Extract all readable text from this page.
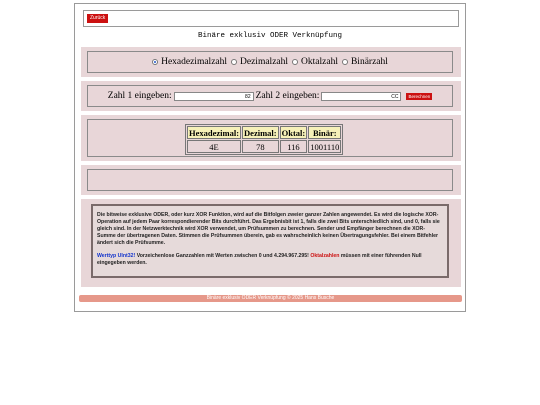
Zurück
Binäre exklusiv ODER Verknüpfung
Hexadezimalzahl Dezimalzahl Oktalzahl Binärzahl
Zahl 1 eingeben:	82 Zahl 2 eingeben:	CC	Berechnen
Hexadezimal:	Dezimal:	Oktal:	Binär:
4E	78	116	1001110

Die bitweise exklusive ODER, oder kurz XOR Funktion, wird auf die Bitfolgen zweier ganzer Zahlen angewendet. Es wird die logische XOR-Operation auf jedem Paar korrespondierender Bits durchführt. Das Ergebnisbit ist 1, falls die zwei Bits unterschiedlich sind, und 0, falls sie gleich sind. In der Netzwerktechnik wird XOR verwendet, um Prüfsummen zu berechnen. Sender und Empfänger berechnen die XOR-Summe der übertragenen Daten. Stimmen die Prüfsummen überein, gab es wahrscheinlich keinen Übertragungsfehler. Bei einem Bitfehler ändert sich die Prüfsumme.

Werttyp UInt32! Vorzeichenlose Ganzzahlen mit Werten zwischen 0 und 4.294.967.295! Oktalzahlen müssen mit einer führenden Null eingegeben werden.

Binäre exklusiv ODER Verknüpfung © 2025 Hans Busche
